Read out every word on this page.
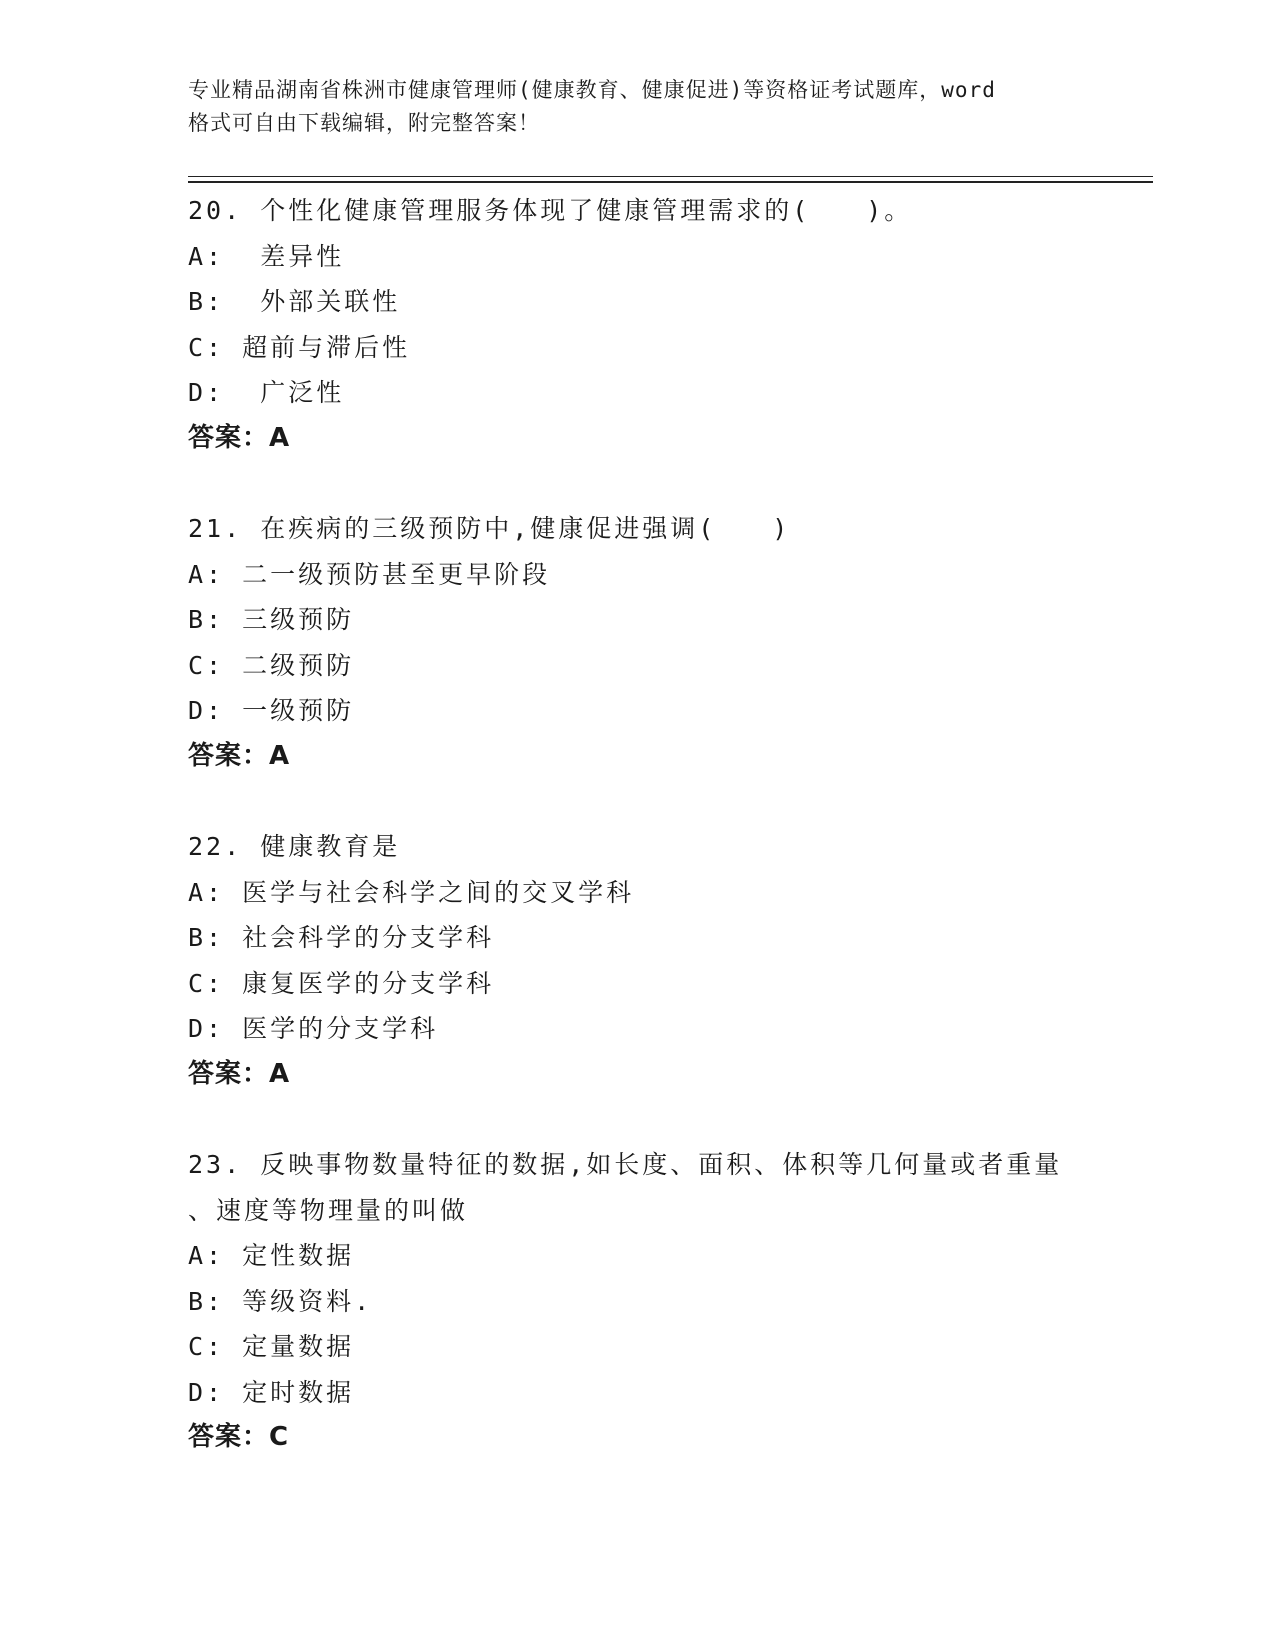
专业精品湖南省株洲市健康管理师(健康教育、健康促进)等资格证考试题库，word
格式可自由下载编辑，附完整答案！
20. 个性化健康管理服务体现了健康管理需求的(　　)。
A:  差异性
B:  外部关联性
C: 超前与滞后性
D:  广泛性
答案：A
21. 在疾病的三级预防中,健康促进强调(　　)
A: 二一级预防甚至更早阶段
B: 三级预防
C: 二级预防
D: 一级预防
答案：A
22. 健康教育是
A: 医学与社会科学之间的交叉学科
B: 社会科学的分支学科
C: 康复医学的分支学科
D: 医学的分支学科
答案：A
23. 反映事物数量特征的数据,如长度、面积、体积等几何量或者重量
、速度等物理量的叫做
A: 定性数据
B: 等级资料.
C: 定量数据
D: 定时数据
答案：C
